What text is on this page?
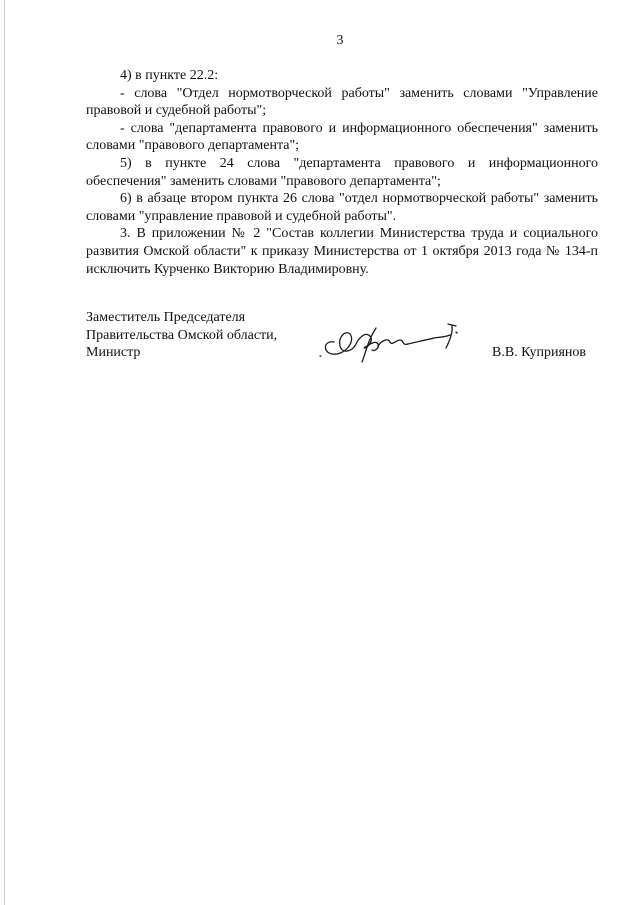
3

4) в пункте 22.2:

- слова "Отдел нормотворческой работы" заменить словами "Управление правовой и судебной работы";

- слова "департамента правового и информационного обеспечения" заменить словами "правового департамента";

5) в пункте 24 слова "департамента правового и информационного обеспечения" заменить словами "правового департамента";

6) в абзаце втором пункта 26 слова "отдел нормотворческой работы" заменить словами "управление правовой и судебной работы".

3. В приложении № 2 "Состав коллегии Министерства труда и социального развития Омской области" к приказу Министерства от 1 октября 2013 года № 134-п исключить Курченко Викторию Владимировну.

Заместитель Председателя
Правительства Омской области,
Министр	В.В. Куприянов
